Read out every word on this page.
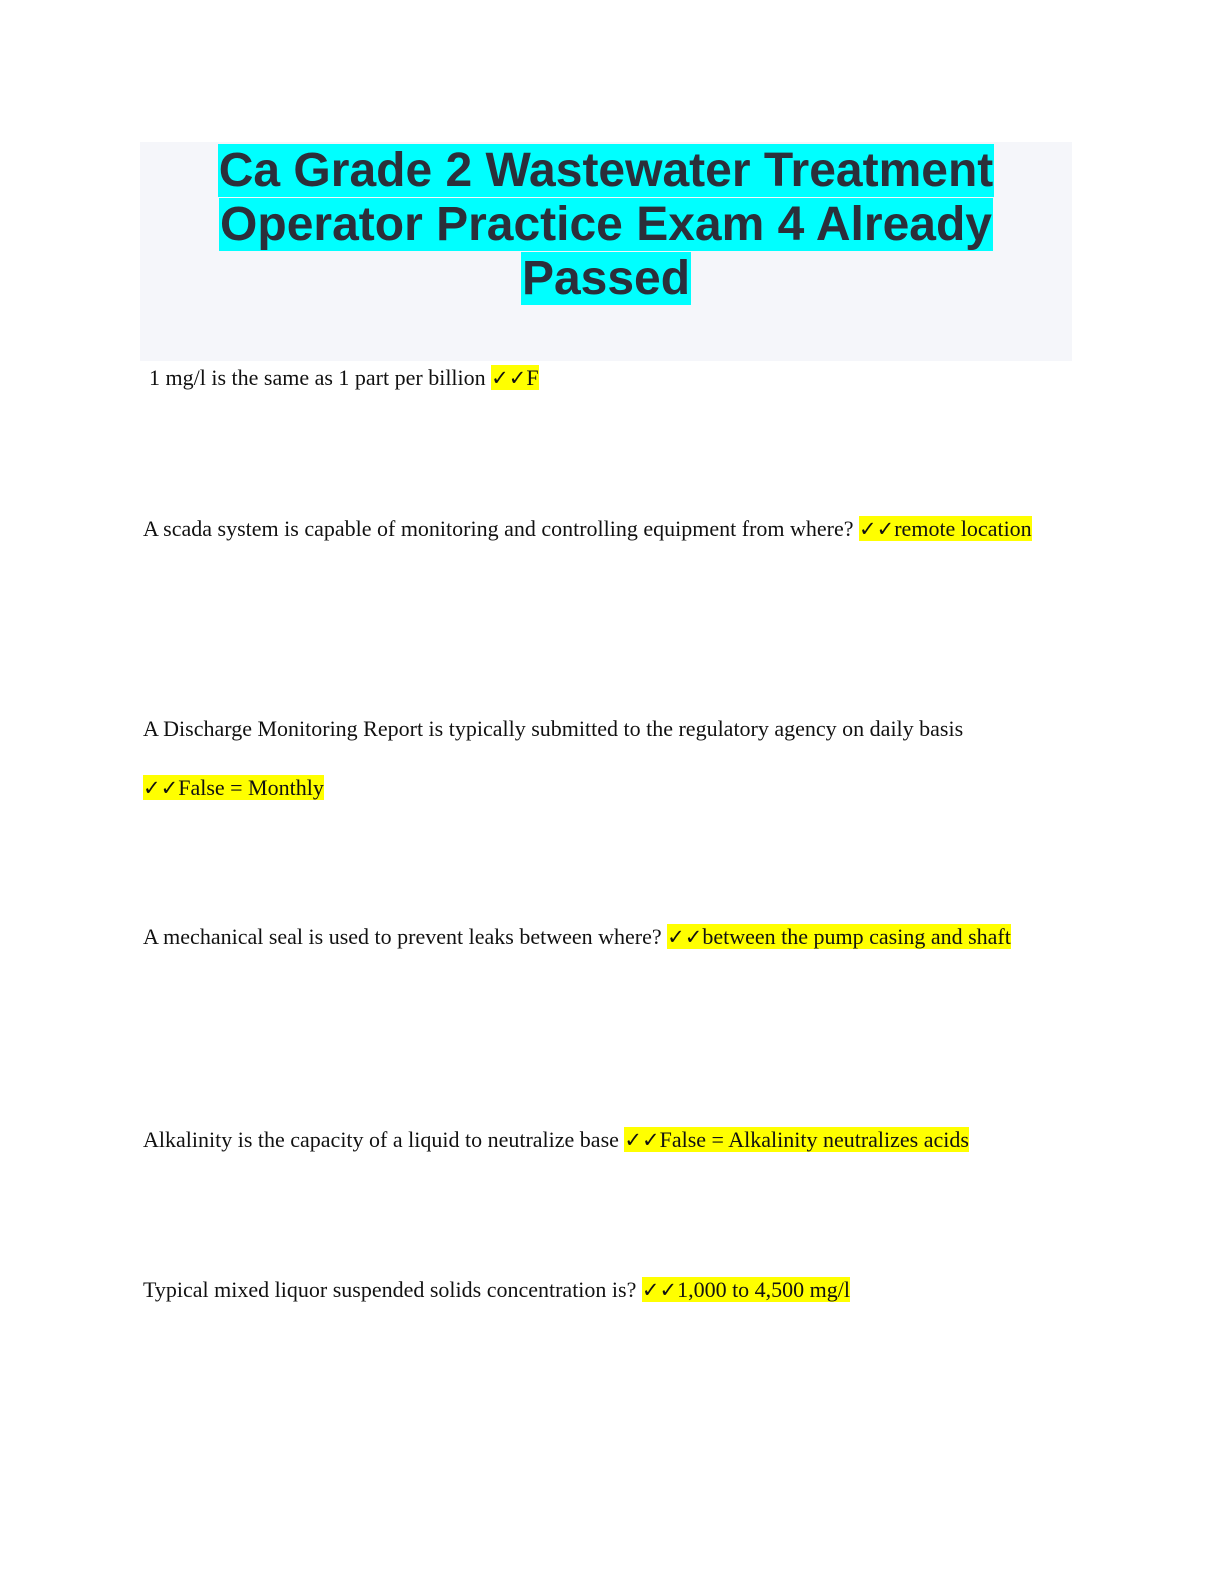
Ca Grade 2 Wastewater Treatment Operator Practice Exam 4 Already Passed

1 mg/l is the same as 1 part per billion ✓✓F

A scada system is capable of monitoring and controlling equipment from where? ✓✓remote location

A Discharge Monitoring Report is typically submitted to the regulatory agency on daily basis ✓✓False = Monthly

A mechanical seal is used to prevent leaks between where? ✓✓between the pump casing and shaft

Alkalinity is the capacity of a liquid to neutralize base ✓✓False = Alkalinity neutralizes acids

Typical mixed liquor suspended solids concentration is? ✓✓1,000 to 4,500 mg/l
